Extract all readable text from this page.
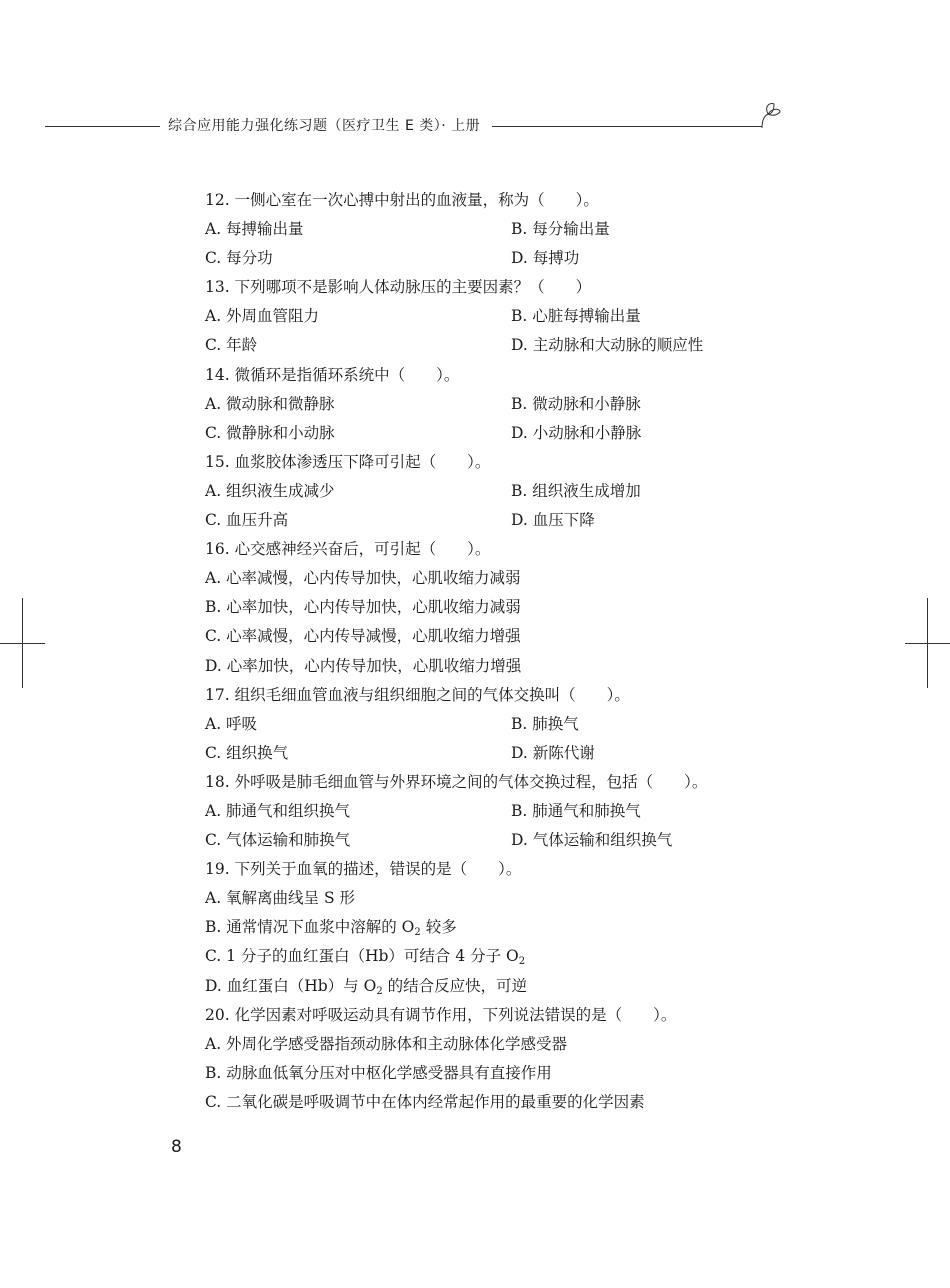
综合应用能力强化练习题（医疗卫生 E 类）· 上册
12. 一侧心室在一次心搏中射出的血液量，称为（　　）。
A. 每搏输出量	B. 每分输出量
C. 每分功	D. 每搏功
13. 下列哪项不是影响人体动脉压的主要因素？（　　）
A. 外周血管阻力	B. 心脏每搏输出量
C. 年龄	D. 主动脉和大动脉的顺应性
14. 微循环是指循环系统中（　　）。
A. 微动脉和微静脉	B. 微动脉和小静脉
C. 微静脉和小动脉	D. 小动脉和小静脉
15. 血浆胶体渗透压下降可引起（　　）。
A. 组织液生成减少	B. 组织液生成增加
C. 血压升高	D. 血压下降
16. 心交感神经兴奋后，可引起（　　）。
A. 心率减慢，心内传导加快，心肌收缩力减弱
B. 心率加快，心内传导加快，心肌收缩力减弱
C. 心率减慢，心内传导减慢，心肌收缩力增强
D. 心率加快，心内传导加快，心肌收缩力增强
17. 组织毛细血管血液与组织细胞之间的气体交换叫（　　）。
A. 呼吸	B. 肺换气
C. 组织换气	D. 新陈代谢
18. 外呼吸是肺毛细血管与外界环境之间的气体交换过程，包括（　　）。
A. 肺通气和组织换气	B. 肺通气和肺换气
C. 气体运输和肺换气	D. 气体运输和组织换气
19. 下列关于血氧的描述，错误的是（　　）。
A. 氧解离曲线呈 S 形
B. 通常情况下血浆中溶解的 $O_2$ 较多
C. 1 分子的血红蛋白（Hb）可结合 4 分子 $O_2$
D. 血红蛋白（Hb）与 $O_2$ 的结合反应快，可逆
20. 化学因素对呼吸运动具有调节作用，下列说法错误的是（　　）。
A. 外周化学感受器指颈动脉体和主动脉体化学感受器
B. 动脉血低氧分压对中枢化学感受器具有直接作用
C. 二氧化碳是呼吸调节中在体内经常起作用的最重要的化学因素
8
